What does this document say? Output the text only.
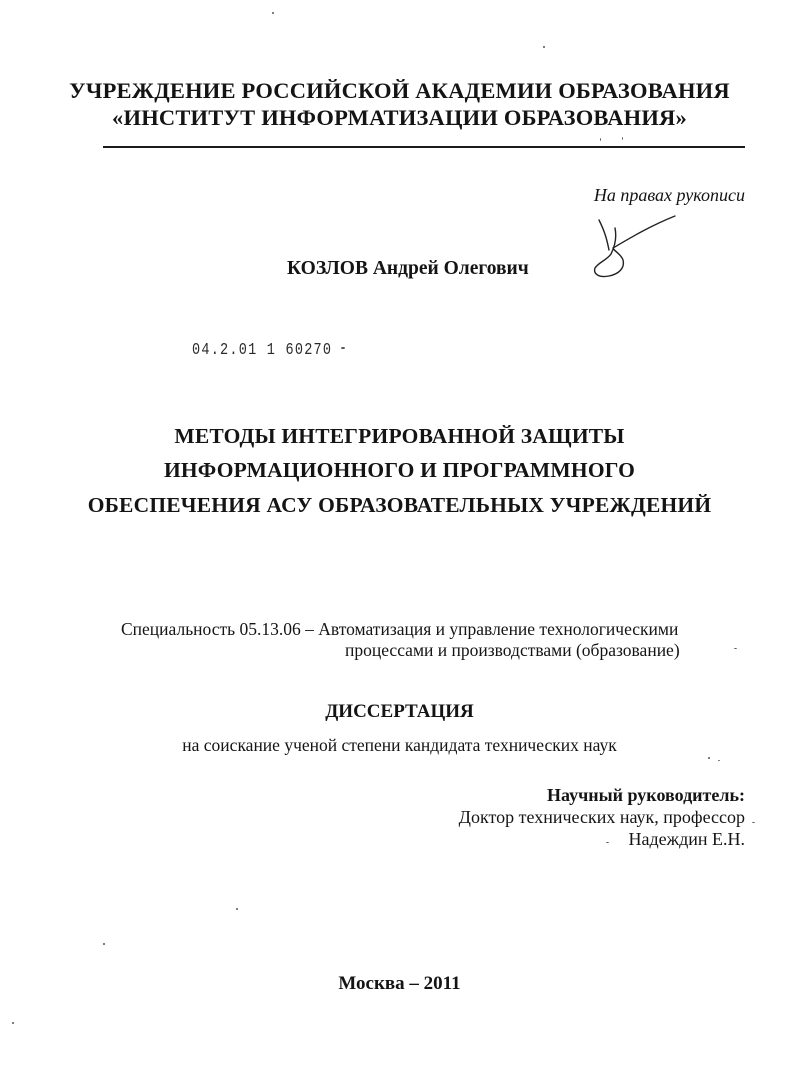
УЧРЕЖДЕНИЕ РОССИЙСКОЙ АКАДЕМИИ ОБРАЗОВАНИЯ
«ИНСТИТУТ ИНФОРМАТИЗАЦИИ ОБРАЗОВАНИЯ»
На правах рукописи
КОЗЛОВ Андрей Олегович
04.2.01 1 60270
МЕТОДЫ ИНТЕГРИРОВАННОЙ ЗАЩИТЫ
ИНФОРМАЦИОННОГО И ПРОГРАММНОГО
ОБЕСПЕЧЕНИЯ АСУ ОБРАЗОВАТЕЛЬНЫХ УЧРЕЖДЕНИЙ
Специальность 05.13.06 – Автоматизация и управление технологическими
процессами и производствами (образование)
ДИССЕРТАЦИЯ
на соискание ученой степени кандидата технических наук
Научный руководитель:
Доктор технических наук, профессор
Надеждин Е.Н.
Москва – 2011
